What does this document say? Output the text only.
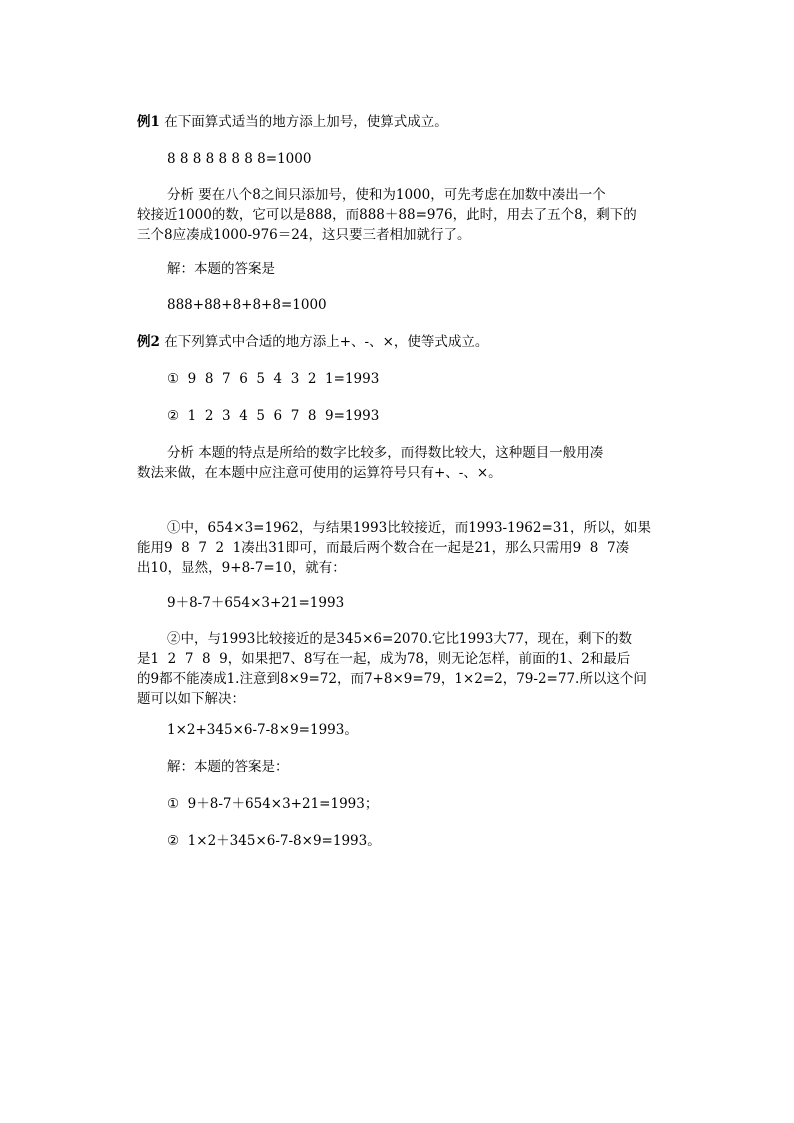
例1 在下面算式适当的地方添上加号，使算式成立。
8 8 8 8 8 8 8 8=1000
分析 要在八个8之间只添加号，使和为1000，可先考虑在加数中凑出一个
较接近1000的数，它可以是888，而888＋88=976，此时，用去了五个8，剩下的
三个8应凑成1000-976＝24，这只要三者相加就行了。
解：本题的答案是
888+88+8+8+8=1000
例2 在下列算式中合适的地方添上+、-、×，使等式成立。
①  9  8  7  6  5  4  3  2  1=1993
②  1  2  3  4  5  6  7  8  9=1993
分析 本题的特点是所给的数字比较多，而得数比较大，这种题目一般用凑
数法来做，在本题中应注意可使用的运算符号只有+、-、×。
①中，654×3=1962，与结果1993比较接近，而1993-1962=31，所以，如果
能用9  8  7  2  1凑出31即可，而最后两个数合在一起是21，那么只需用9  8  7凑
出10，显然，9+8-7=10，就有：
9＋8-7＋654×3+21=1993
②中，与1993比较接近的是345×6=2070.它比1993大77，现在，剩下的数
是1  2  7  8  9，如果把7、8写在一起，成为78，则无论怎样，前面的1、2和最后
的9都不能凑成1.注意到8×9=72，而7+8×9=79，1×2=2，79-2=77.所以这个问
题可以如下解决：
1×2+345×6-7-8×9=1993。
解：本题的答案是：
①  9＋8-7＋654×3+21=1993；
②  1×2＋345×6-7-8×9=1993。
